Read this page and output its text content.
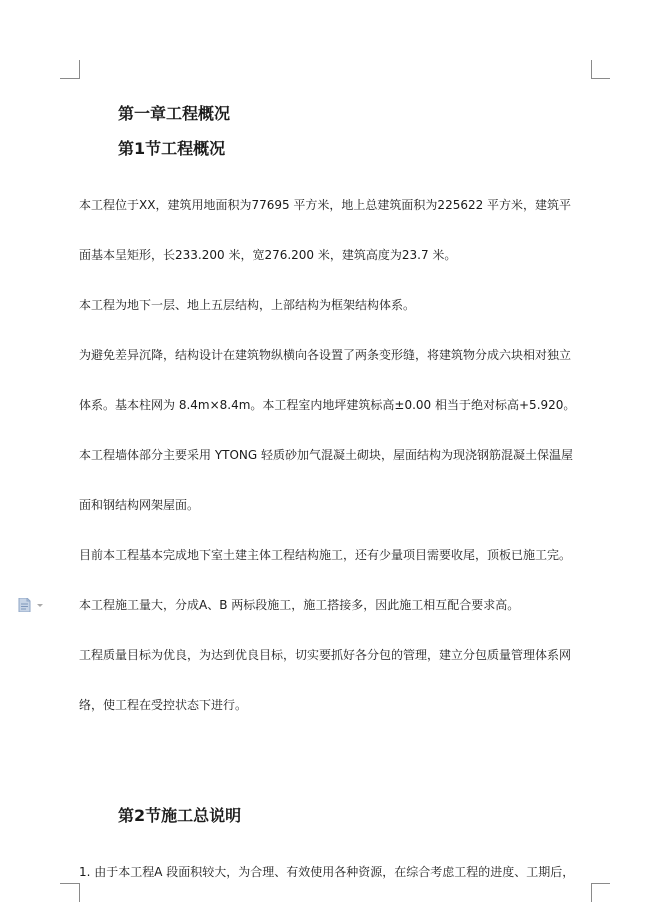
第一章工程概况
第1节工程概况
本工程位于XX，建筑用地面积为77695 平方米，地上总建筑面积为225622 平方米，建筑平
面基本呈矩形，长233.200 米，宽276.200 米，建筑高度为23.7 米。
本工程为地下一层、地上五层结构，上部结构为框架结构体系。
为避免差异沉降，结构设计在建筑物纵横向各设置了两条变形缝，将建筑物分成六块相对独立
体系。基本柱网为 8.4m×8.4m。本工程室内地坪建筑标高±0.00 相当于绝对标高+5.920。
本工程墙体部分主要采用 YTONG 轻质砂加气混凝土砌块，屋面结构为现浇钢筋混凝土保温屋
面和钢结构网架屋面。
目前本工程基本完成地下室土建主体工程结构施工，还有少量项目需要收尾，顶板已施工完。
本工程施工量大，分成A、B 两标段施工，施工搭接多，因此施工相互配合要求高。
工程质量目标为优良，为达到优良目标，切实要抓好各分包的管理，建立分包质量管理体系网
络，使工程在受控状态下进行。
第2节施工总说明
1. 由于本工程A 段面积较大，为合理、有效使用各种资源，在综合考虑工程的进度、工期后，
